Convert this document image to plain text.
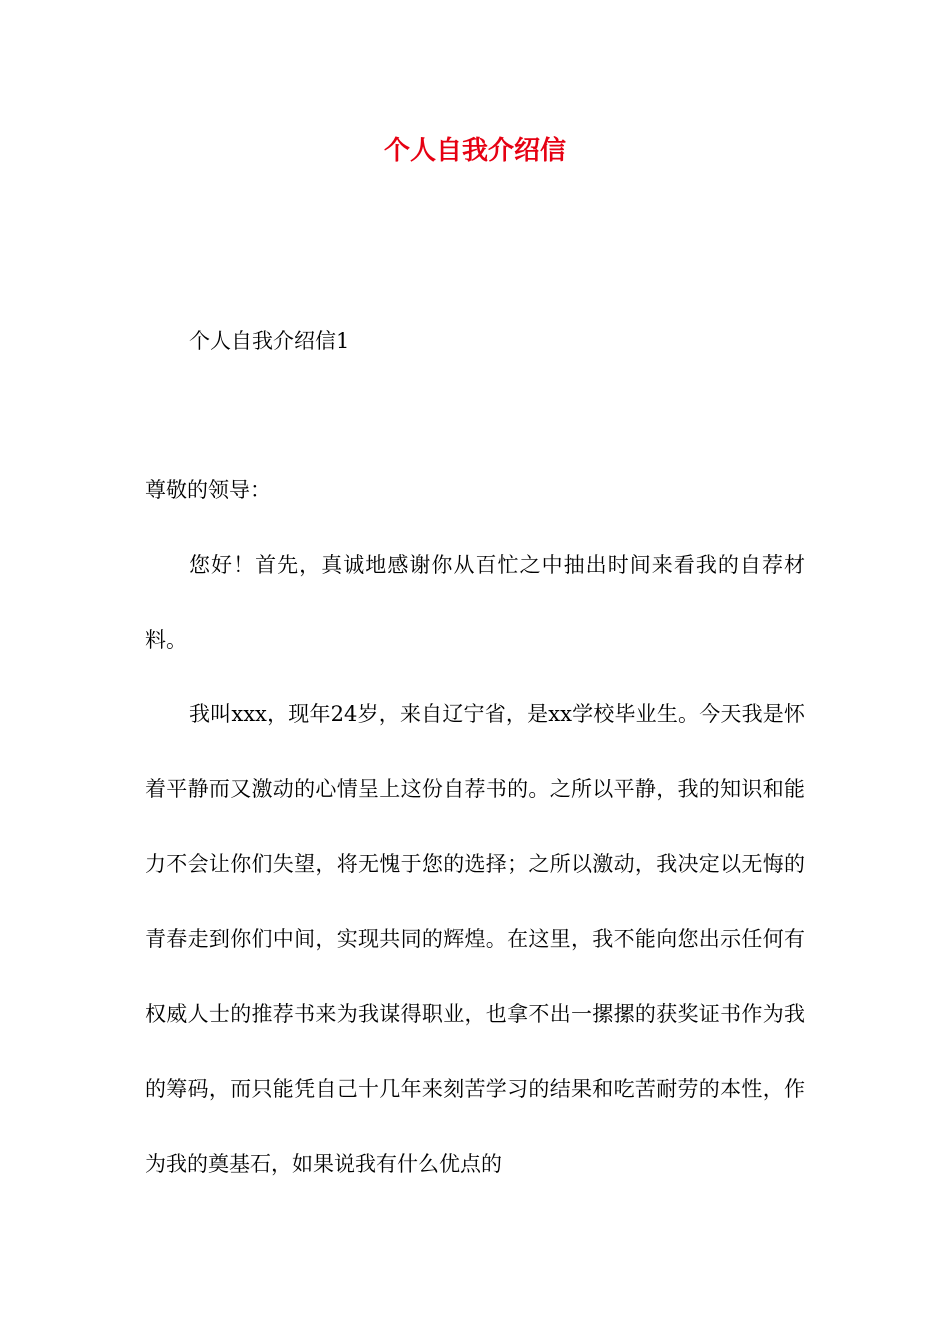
个人自我介绍信

个人自我介绍信1

尊敬的领导：

您好！首先，真诚地感谢你从百忙之中抽出时间来看我的自荐材料。

我叫xxx，现年24岁，来自辽宁省，是xx学校毕业生。今天我是怀着平静而又激动的心情呈上这份自荐书的。之所以平静，我的知识和能力不会让你们失望，将无愧于您的选择；之所以激动，我决定以无悔的青春走到你们中间，实现共同的辉煌。在这里，我不能向您出示任何有权威人士的推荐书来为我谋得职业，也拿不出一摞摞的获奖证书作为我的筹码，而只能凭自己十几年来刻苦学习的结果和吃苦耐劳的本性，作为我的奠基石，如果说我有什么优点的
